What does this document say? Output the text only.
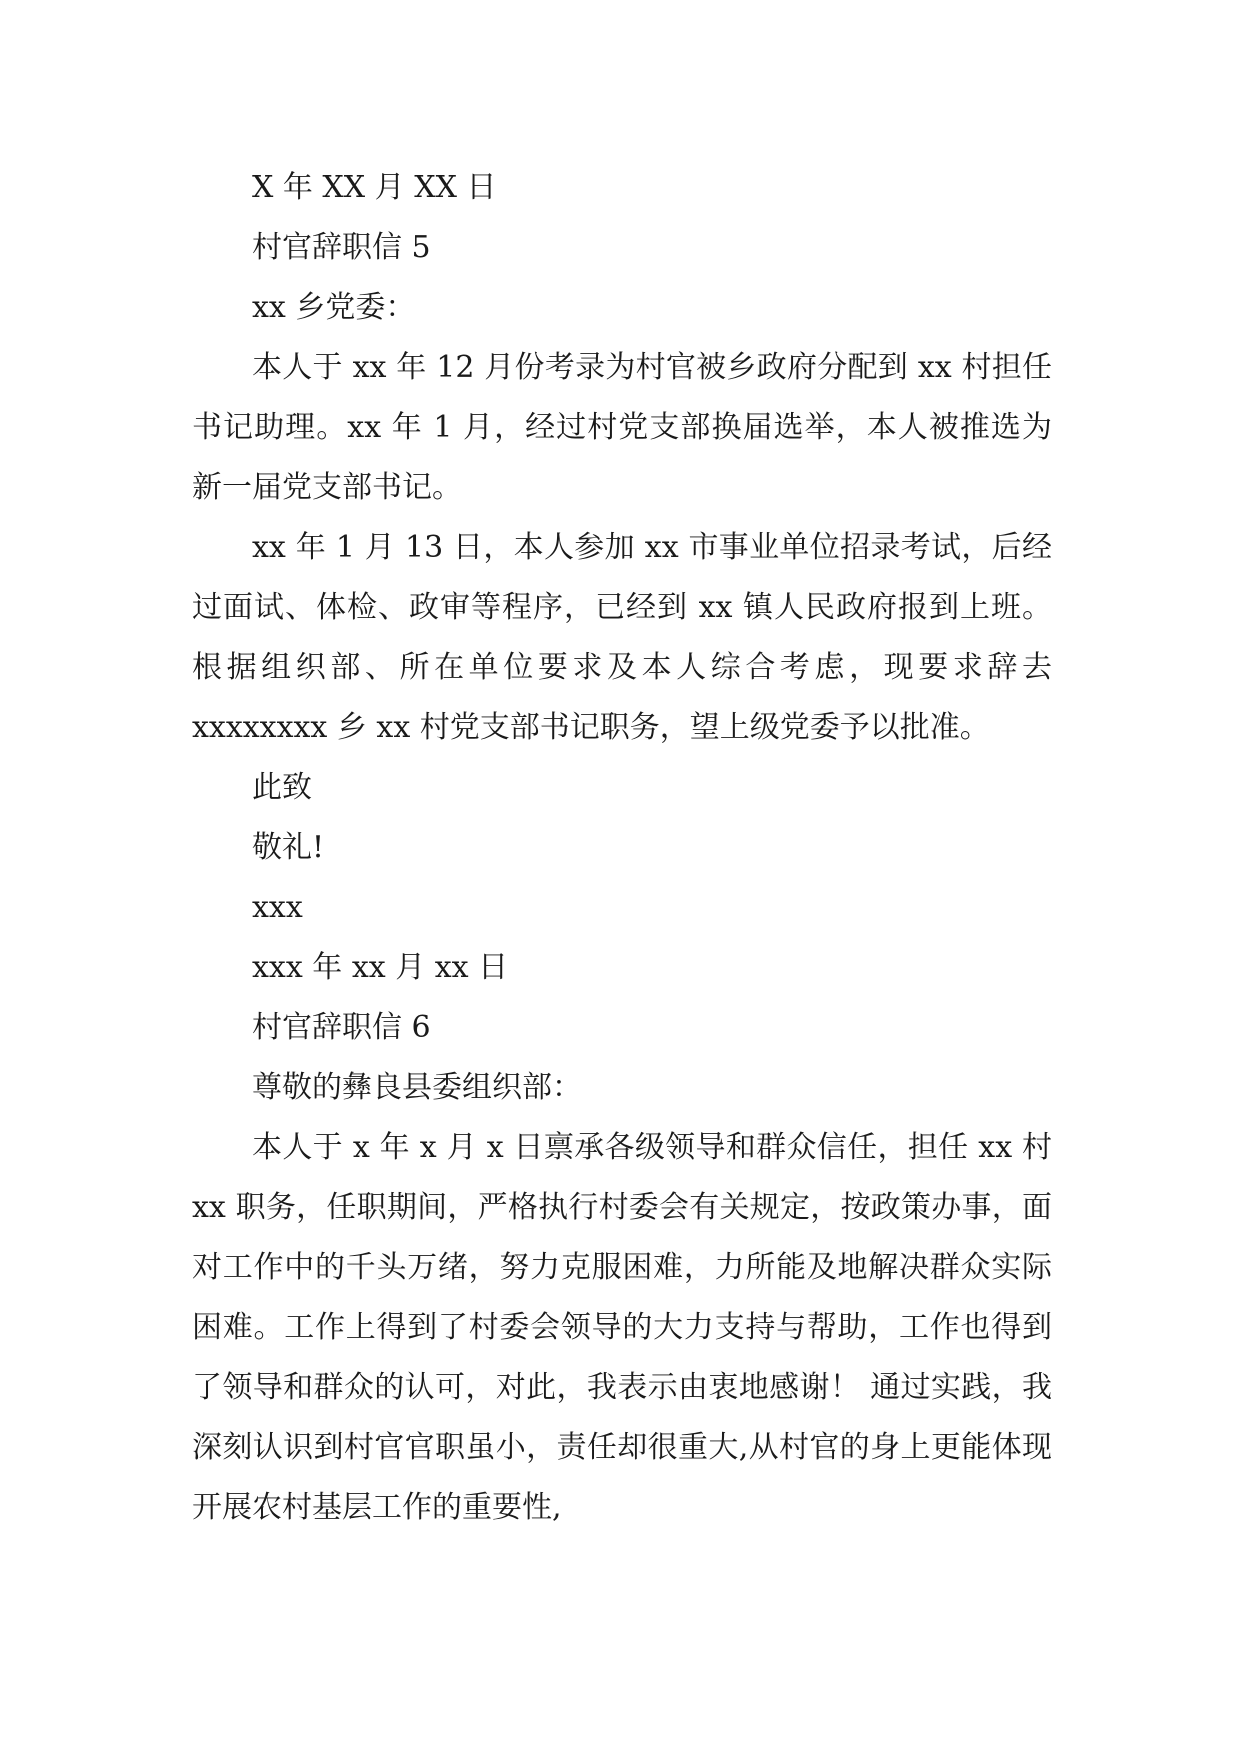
X 年 XX 月 XX 日
村官辞职信 5
xx 乡党委：

本人于 xx 年 12 月份考录为村官被乡政府分配到 xx 村担任书记助理。xx 年 1 月，经过村党支部换届选举，本人被推选为新一届党支部书记。

xx 年 1 月 13 日，本人参加 xx 市事业单位招录考试，后经过面试、体检、政审等程序，已经到 xx 镇人民政府报到上班。根据组织部、所在单位要求及本人综合考虑，现要求辞去 xxxxxxxx 乡 xx 村党支部书记职务，望上级党委予以批准。

此致
敬礼!
xxx
xxx 年 xx 月 xx 日
村官辞职信 6
尊敬的彝良县委组织部：

本人于 x 年 x 月 x 日禀承各级领导和群众信任，担任 xx 村 xx 职务，任职期间，严格执行村委会有关规定，按政策办事，面对工作中的千头万绪，努力克服困难，力所能及地解决群众实际困难。工作上得到了村委会领导的大力支持与帮助，工作也得到了领导和群众的认可，对此，我表示由衷地感谢！ 通过实践，我深刻认识到村官官职虽小，责任却很重大,从村官的身上更能体现开展农村基层工作的重要性,
